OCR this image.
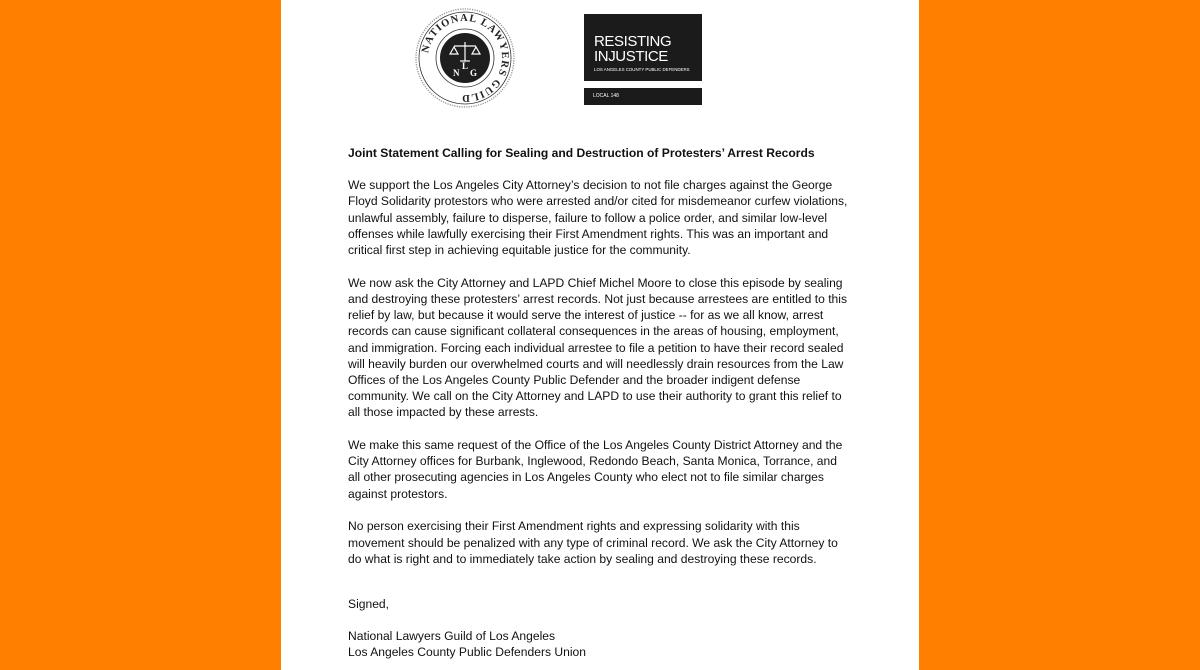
NATIONAL LAWYERS GUILD
N
L
G
RESISTING
INJUSTICE
LOS ANGELES COUNTY PUBLIC DEFENDERS
LOCAL 148

Joint Statement Calling for Sealing and Destruction of Protesters’ Arrest Records

We support the Los Angeles City Attorney’s decision to not file charges against the George Floyd Solidarity protestors who were arrested and/or cited for misdemeanor curfew violations, unlawful assembly, failure to disperse, failure to follow a police order, and similar low-level offenses while lawfully exercising their First Amendment rights. This was an important and critical first step in achieving equitable justice for the community.

We now ask the City Attorney and LAPD Chief Michel Moore to close this episode by sealing and destroying these protesters’ arrest records. Not just because arrestees are entitled to this relief by law, but because it would serve the interest of justice -- for as we all know, arrest records can cause significant collateral consequences in the areas of housing, employment, and immigration. Forcing each individual arrestee to file a petition to have their record sealed will heavily burden our overwhelmed courts and will needlessly drain resources from the Law Offices of the Los Angeles County Public Defender and the broader indigent defense community. We call on the City Attorney and LAPD to use their authority to grant this relief to all those impacted by these arrests.

We make this same request of the Office of the Los Angeles County District Attorney and the City Attorney offices for Burbank, Inglewood, Redondo Beach, Santa Monica, Torrance, and all other prosecuting agencies in Los Angeles County who elect not to file similar charges against protestors.

No person exercising their First Amendment rights and expressing solidarity with this movement should be penalized with any type of criminal record. We ask the City Attorney to do what is right and to immediately take action by sealing and destroying these records.

Signed,

National Lawyers Guild of Los Angeles

Los Angeles County Public Defenders Union
